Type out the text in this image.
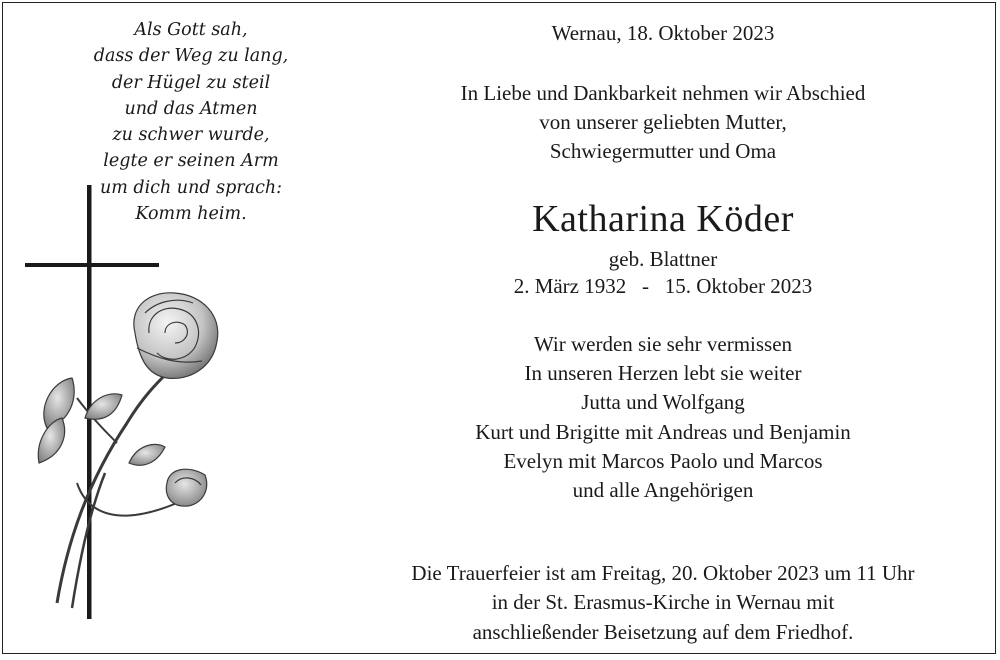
Als Gott sah,
dass der Weg zu lang,
der Hügel zu steil
und das Atmen
zu schwer wurde,
legte er seinen Arm
um dich und sprach:
Komm heim.
Wernau, 18. Oktober 2023
In Liebe und Dankbarkeit nehmen wir Abschied
von unserer geliebten Mutter,
Schwiegermutter und Oma
Katharina Köder
geb. Blattner
2. März 1932   -   15. Oktober 2023
Wir werden sie sehr vermissen
In unseren Herzen lebt sie weiter
Jutta und Wolfgang
Kurt und Brigitte mit Andreas und Benjamin
Evelyn mit Marcos Paolo und Marcos
und alle Angehörigen
Die Trauerfeier ist am Freitag, 20. Oktober 2023 um 11 Uhr
in der St. Erasmus-Kirche in Wernau mit
anschließender Beisetzung auf dem Friedhof.
